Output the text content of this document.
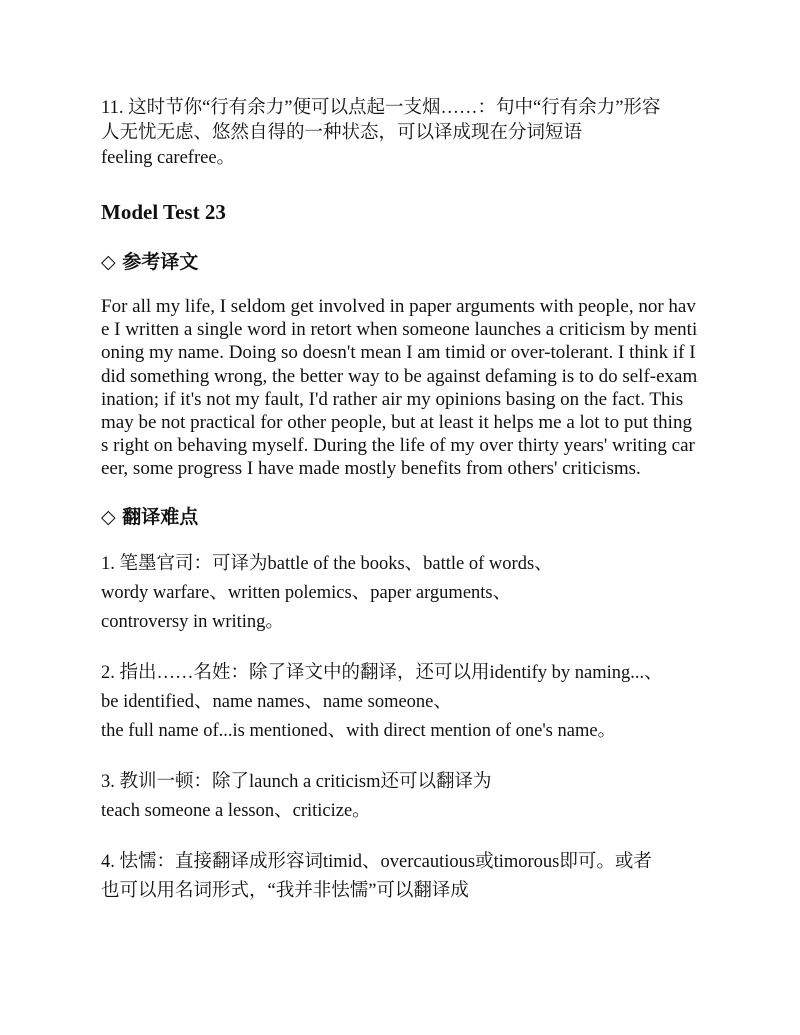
11. 这时节你“行有余力”便可以点起一支烟……：句中“行有余力”形容
人无忧无虑、悠然自得的一种状态，可以译成现在分词短语
feeling carefree。
Model Test 23
◇ 参考译文

For all my life, I seldom get involved in paper arguments with people, nor have I written a single word in retort when someone launches a criticism by mentioning my name. Doing so doesn't mean I am timid or over-tolerant. I think if I did something wrong, the better way to be against defaming is to do self-examination; if it's not my fault, I'd rather air my opinions basing on the fact. This may be not practical for other people, but at least it helps me a lot to put things right on behaving myself. During the life of my over thirty years' writing career, some progress I have made mostly benefits from others' criticisms.

◇ 翻译难点
1. 笔墨官司：可译为battle of the books、battle of words、
wordy warfare、written polemics、paper arguments、
controversy in writing。
2. 指出……名姓：除了译文中的翻译，还可以用identify by naming...、
be identified、name names、name someone、
the full name of...is mentioned、with direct mention of one's name。
3. 教训一顿：除了launch a criticism还可以翻译为
teach someone a lesson、criticize。
4. 怯懦：直接翻译成形容词timid、overcautious或timorous即可。或者
也可以用名词形式，“我并非怯懦”可以翻译成
